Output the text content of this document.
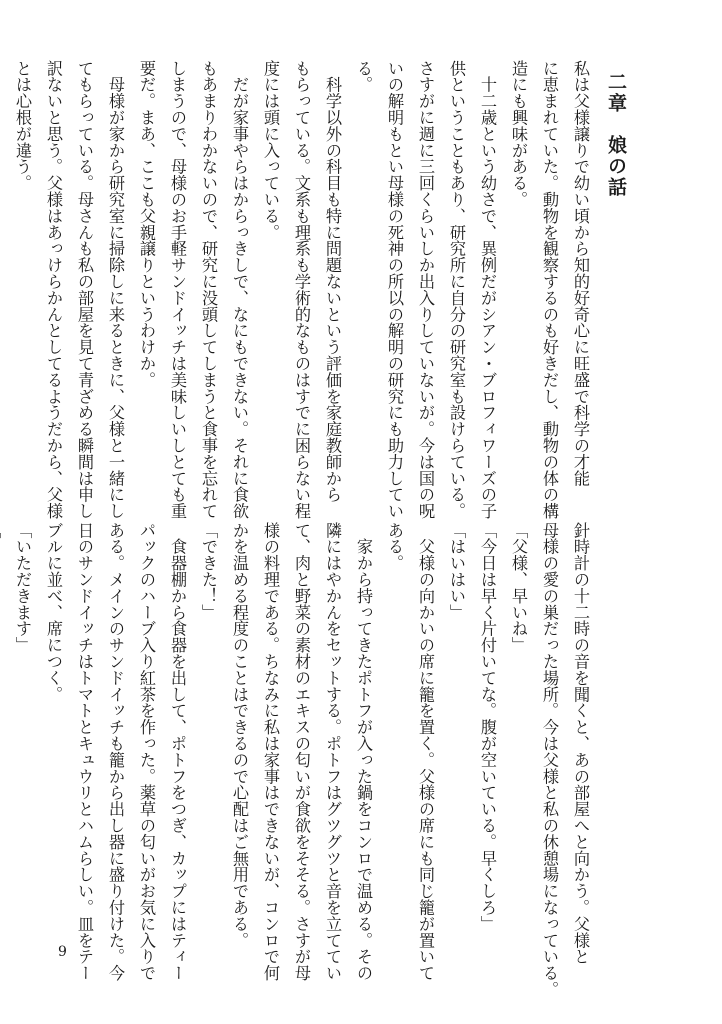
二章　娘の話
私は父様譲りで幼い頃から知的好奇心に旺盛で科学の才能
に恵まれていた。動物を観察するのも好きだし、動物の体の構
造にも興味がある。
　十二歳という幼さで、異例だがシアン・ブロフィワーズの子
供ということもあり、研究所に自分の研究室も設けらている。
さすがに週に三回くらいしか出入りしていないが。今は国の呪
いの解明もとい母様の死神の所以の解明の研究にも助力してい
る。
　科学以外の科目も特に問題ないという評価を家庭教師から
もらっている。文系も理系も学術的なものはすでに困らない程
度には頭に入っている。
　だが家事やらはからっきしで、なにもできない。それに食欲
もあまりわかないので、研究に没頭してしまうと食事を忘れて
しまうので、母様のお手軽サンドイッチは美味しいしとても重
要だ。まあ、ここも父親譲りというわけか。
　母様が家から研究室に掃除しに来るときに、父様と一緒にし
てもらっている。母さんも私の部屋を見て青ざめる瞬間は申し
訳ないと思う。父様はあっけらかんとしてるようだから、父様
とは心根が違う。
針時計の十二時の音を聞くと、あの部屋へと向かう。父様と
母様の愛の巣だった場所。今は父様と私の休憩場になっている。
「父様、早いね」
「今日は早く片付いてな。腹が空いている。早くしろ」
「はいはい」
　父様の向かいの席に籠を置く。父様の席にも同じ籠が置いて
ある。
　家から持ってきたポトフが入った鍋をコンロで温める。その
隣にはやかんをセットする。ポトフはグツグツと音を立ててい
て、肉と野菜の素材のエキスの匂いが食欲をそそる。さすが母
様の料理である。ちなみに私は家事はできないが、コンロで何
かを温める程度のことはできるので心配はご無用である。
「できた！」
　食器棚から食器を出して、ポトフをつぎ、カップにはティー
パックのハーブ入り紅茶を作った。薬草の匂いがお気に入りで
ある。メインのサンドイッチも籠から出し器に盛り付けた。今
日のサンドイッチはトマトとキュウリとハムらしい。皿をテー
ブルに並べ、席につく。
「いただきます」
9
